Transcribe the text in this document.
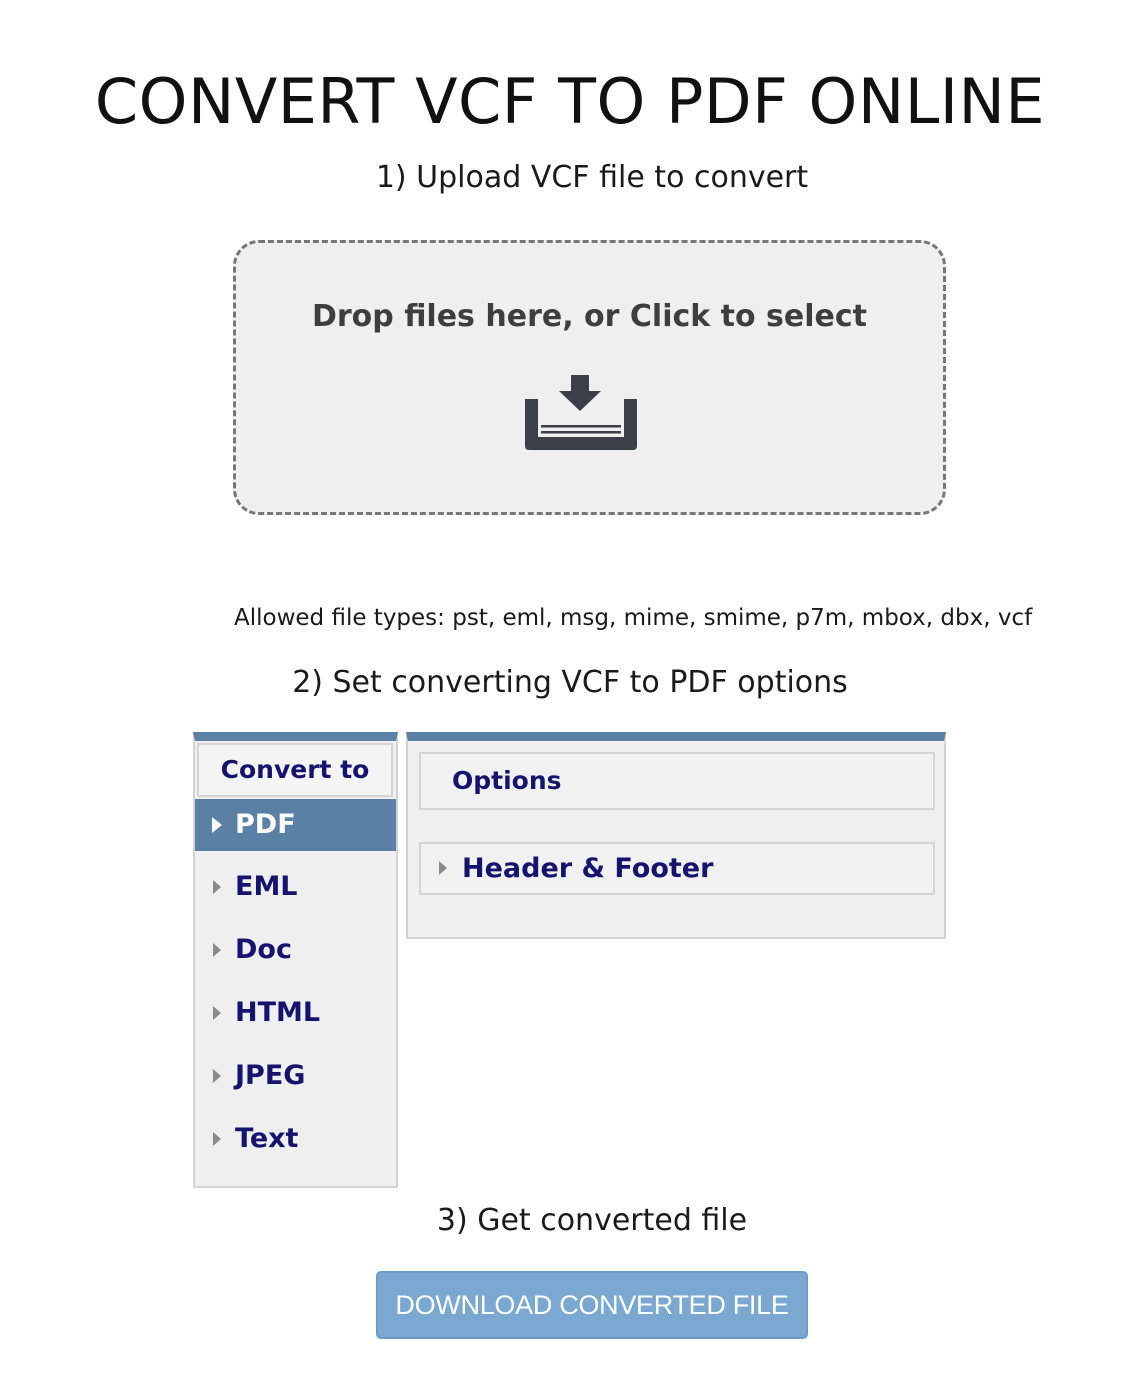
CONVERT VCF TO PDF ONLINE
1) Upload VCF file to convert
Drop files here, or Click to select
Allowed file types: pst, eml, msg, mime, smime, p7m, mbox, dbx, vcf
2) Set converting VCF to PDF options
Convert to
PDF
EML
Doc
HTML
JPEG
Text
Options
Header & Footer
3) Get converted file
DOWNLOAD CONVERTED FILE
